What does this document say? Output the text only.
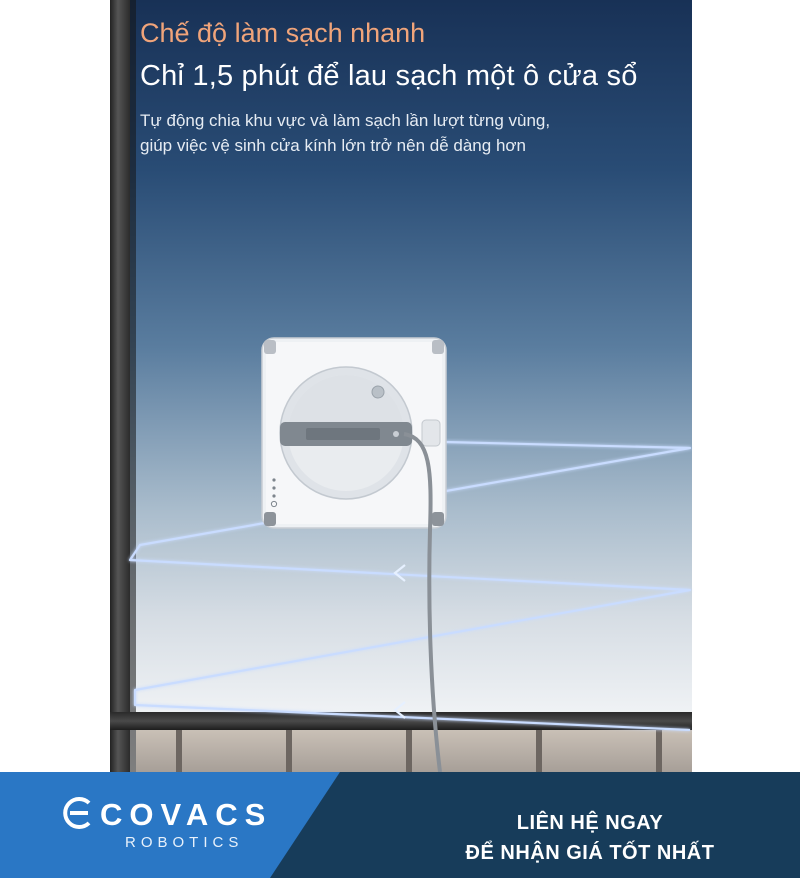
Chế độ làm sạch nhanh
Chỉ 1,5 phút để lau sạch một ô cửa sổ
Tự động chia khu vực và làm sạch lần lượt từng vùng,
giúp việc vệ sinh cửa kính lớn trở nên dễ dàng hơn
COVACS
ROBOTICS
LIÊN HỆ NGAY
ĐỂ NHẬN GIÁ TỐT NHẤT
